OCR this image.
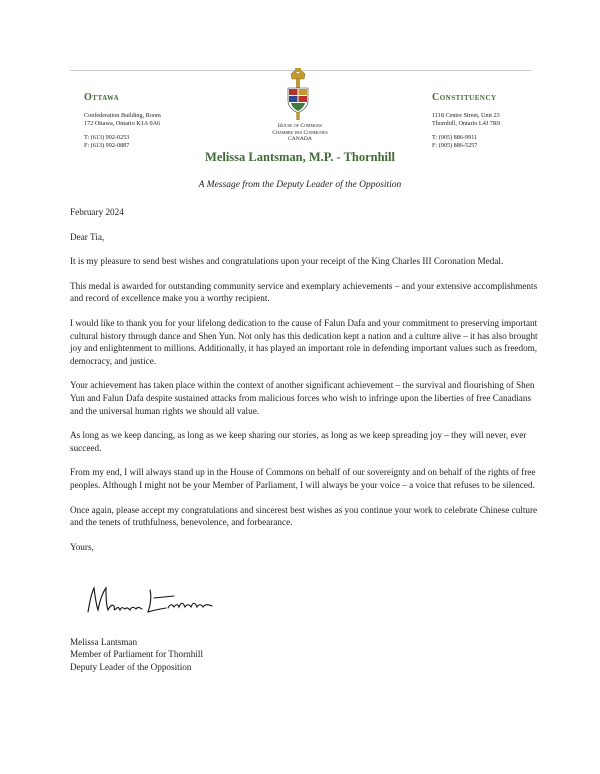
Ottawa
Confederation Building, Room
172 Ottawa, Ontario K1A 0A6
T: (613) 992-0253
F: (613) 992-0887
House of Commons
Chambre des Communes
CANADA
Constituency
1118 Centre Street, Unit 23
Thornhill, Ontario L4J 7R9
T: (905) 886-9911
F: (905) 886-5257
Melissa Lantsman, M.P. - Thornhill
A Message from the Deputy Leader of the Opposition

February 2024

Dear Tia,

It is my pleasure to send best wishes and congratulations upon your receipt of the King Charles III Coronation Medal.

This medal is awarded for outstanding community service and exemplary achievements – and your extensive accomplishments and record of excellence make you a worthy recipient.

I would like to thank you for your lifelong dedication to the cause of Falun Dafa and your commitment to preserving important cultural history through dance and Shen Yun. Not only has this dedication kept a nation and a culture alive – it has also brought joy and enlightenment to millions. Additionally, it has played an important role in defending important values such as freedom, democracy, and justice.

Your achievement has taken place within the context of another significant achievement – the survival and flourishing of Shen Yun and Falun Dafa despite sustained attacks from malicious forces who wish to infringe upon the liberties of free Canadians and the universal human rights we should all value.

As long as we keep dancing, as long as we keep sharing our stories, as long as we keep spreading joy – they will never, ever succeed.

From my end, I will always stand up in the House of Commons on behalf of our sovereignty and on behalf of the rights of free peoples. Although I might not be your Member of Parliament, I will always be your voice – a voice that refuses to be silenced.

Once again, please accept my congratulations and sincerest best wishes as you continue your work to celebrate Chinese culture and the tenets of truthfulness, benevolence, and forbearance.

Yours,

Melissa Lantsman
Member of Parliament for Thornhill
Deputy Leader of the Opposition
